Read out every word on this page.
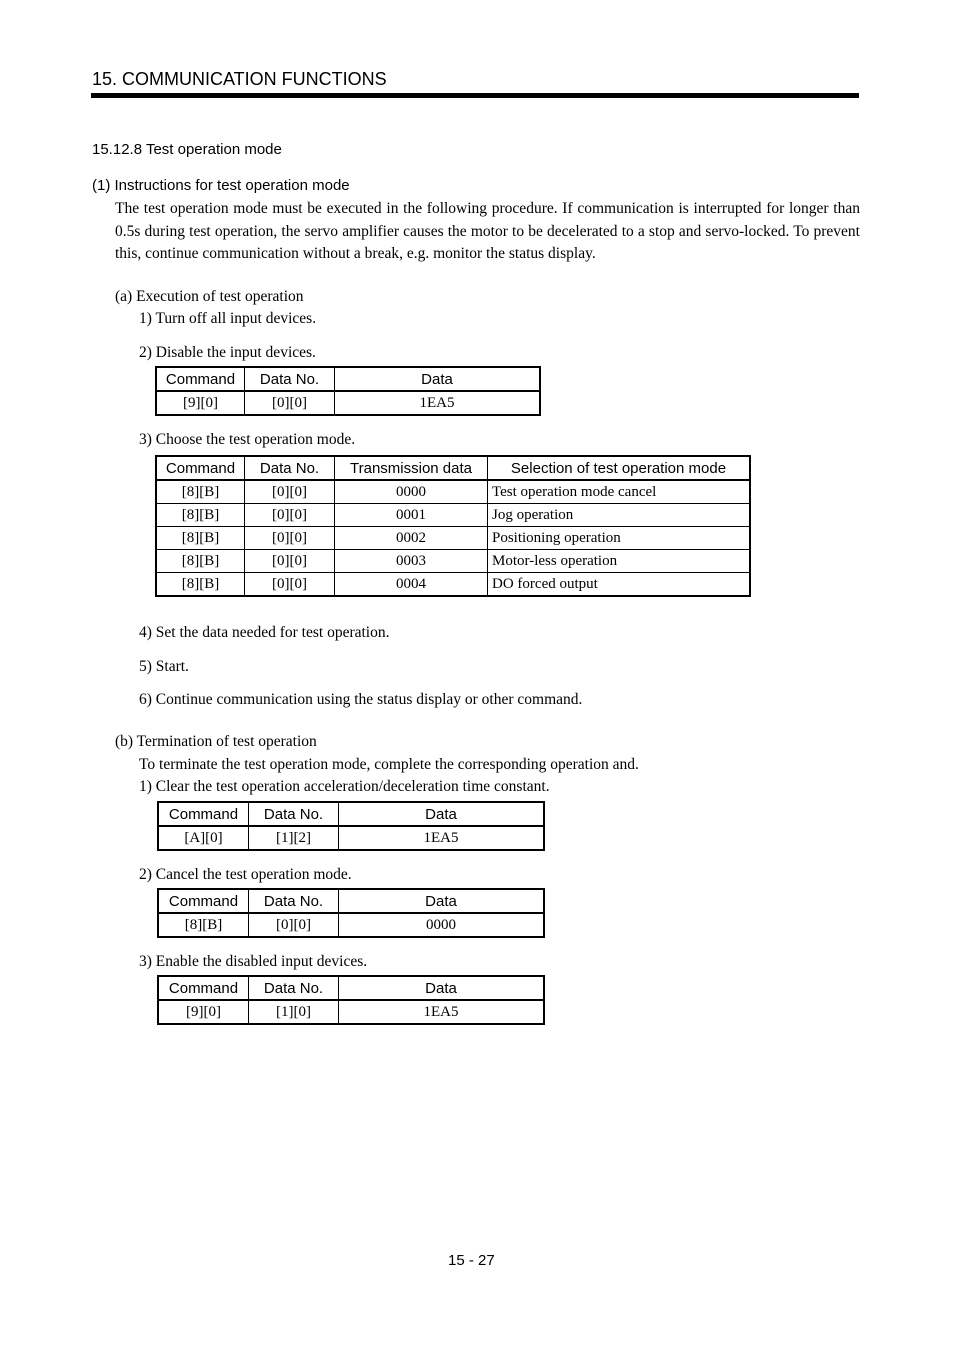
15. COMMUNICATION FUNCTIONS
15.12.8 Test operation mode
(1) Instructions for test operation mode
The test operation mode must be executed in the following procedure. If communication is interrupted for longer than 0.5s during test operation, the servo amplifier causes the motor to be decelerated to a stop and servo-locked. To prevent this, continue communication without a break, e.g. monitor the status display.
(a) Execution of test operation
1) Turn off all input devices.
2) Disable the input devices.
Command	Data No.	Data
[9][0]	[0][0]	1EA5
3) Choose the test operation mode.
Command	Data No.	Transmission data	Selection of test operation mode
[8][B]	[0][0]	0000	Test operation mode cancel
[8][B]	[0][0]	0001	Jog operation
[8][B]	[0][0]	0002	Positioning operation
[8][B]	[0][0]	0003	Motor-less operation
[8][B]	[0][0]	0004	DO forced output
4) Set the data needed for test operation.
5) Start.
6) Continue communication using the status display or other command.
(b) Termination of test operation
To terminate the test operation mode, complete the corresponding operation and.
1) Clear the test operation acceleration/deceleration time constant.
Command	Data No.	Data
[A][0]	[1][2]	1EA5
2) Cancel the test operation mode.
Command	Data No.	Data
[8][B]	[0][0]	0000
3) Enable the disabled input devices.
Command	Data No.	Data
[9][0]	[1][0]	1EA5
15 - 27
